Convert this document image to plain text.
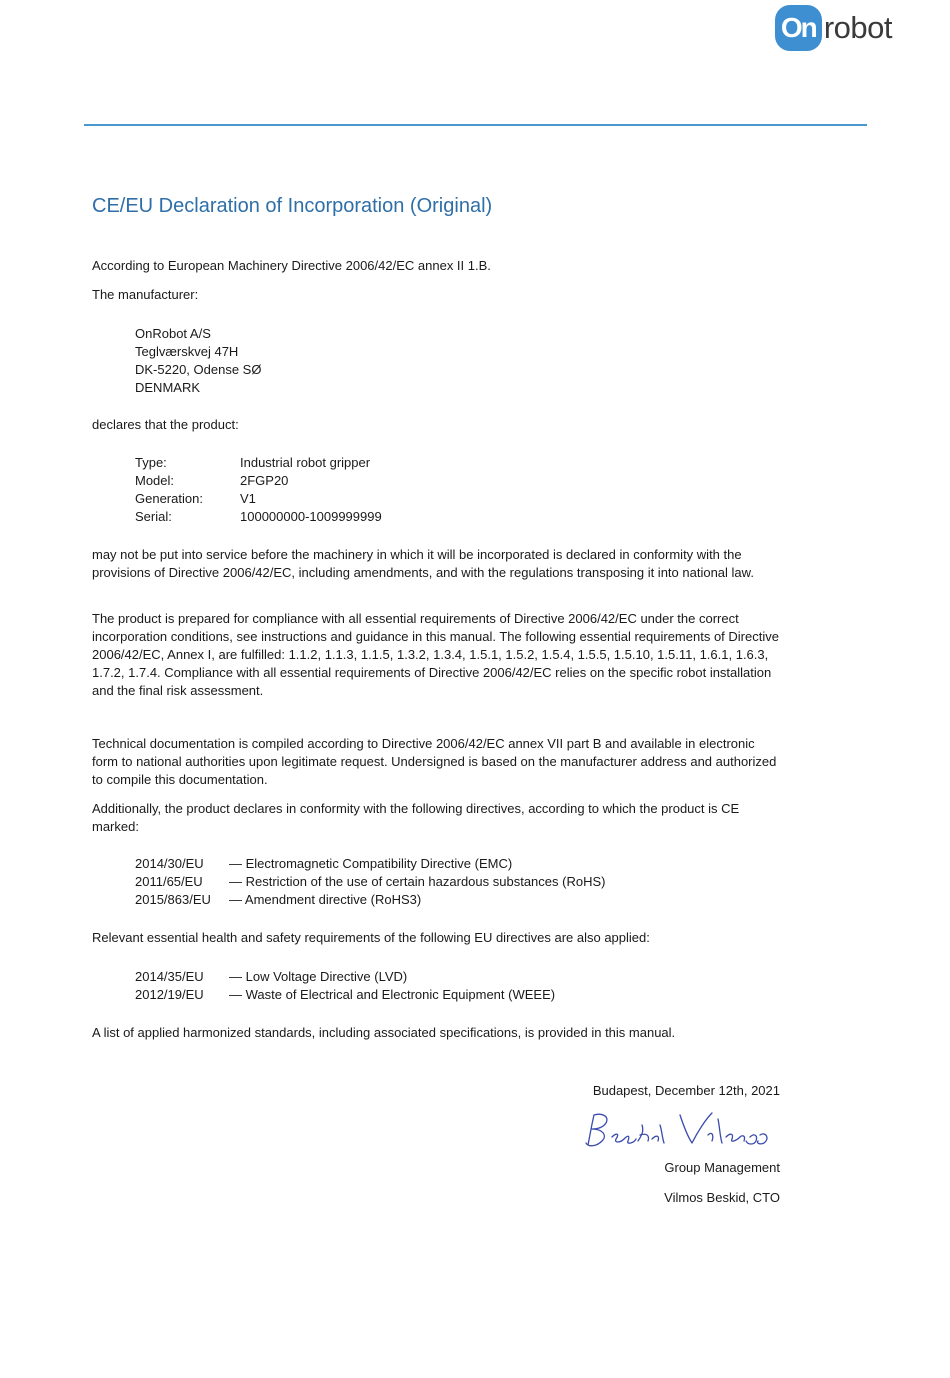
On robot
CE/EU Declaration of Incorporation (Original)
According to European Machinery Directive 2006/42/EC annex II 1.B.
The manufacturer:
OnRobot A/S
Teglværskvej 47H
DK-5220, Odense SØ
DENMARK
declares that the product:
Type:	Industrial robot gripper
Model:	2FGP20
Generation:	V1
Serial:	100000000-1009999999
may not be put into service before the machinery in which it will be incorporated is declared in conformity with the provisions of Directive 2006/42/EC, including amendments, and with the regulations transposing it into national law.
The product is prepared for compliance with all essential requirements of Directive 2006/42/EC under the correct incorporation conditions, see instructions and guidance in this manual. The following essential requirements of Directive 2006/42/EC, Annex I, are fulfilled: 1.1.2, 1.1.3, 1.1.5, 1.3.2, 1.3.4, 1.5.1, 1.5.2, 1.5.4, 1.5.5, 1.5.10, 1.5.11, 1.6.1, 1.6.3, 1.7.2, 1.7.4. Compliance with all essential requirements of Directive 2006/42/EC relies on the specific robot installation and the final risk assessment.
Technical documentation is compiled according to Directive 2006/42/EC annex VII part B and available in electronic form to national authorities upon legitimate request. Undersigned is based on the manufacturer address and authorized to compile this documentation.
Additionally, the product declares in conformity with the following directives, according to which the product is CE marked:
2014/30/EU	— Electromagnetic Compatibility Directive (EMC)
2011/65/EU	— Restriction of the use of certain hazardous substances (RoHS)
2015/863/EU	— Amendment directive (RoHS3)
Relevant essential health and safety requirements of the following EU directives are also applied:
2014/35/EU	— Low Voltage Directive (LVD)
2012/19/EU	— Waste of Electrical and Electronic Equipment (WEEE)
A list of applied harmonized standards, including associated specifications, is provided in this manual.
Budapest, December 12th, 2021
Group Management
Vilmos Beskid, CTO
